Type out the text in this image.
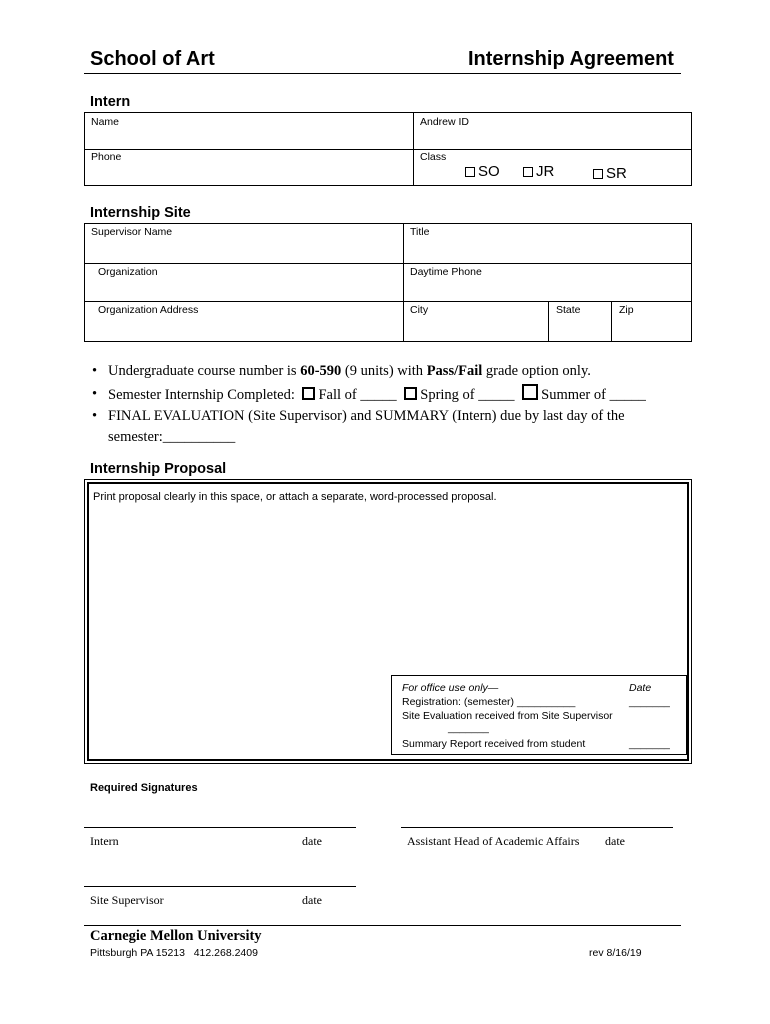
School of Art	Internship Agreement
Intern
Name	Andrew ID
Phone	Class
SO	JR	SR
Internship Site
Supervisor Name	Title
Organization	Daytime Phone
Organization Address	City	State	Zip
• Undergraduate course number is 60-590 (9 units) with Pass/Fail grade option only.
• Semester Internship Completed: Fall of _____ Spring of _____ Summer of _____
• FINAL EVALUATION (Site Supervisor) and SUMMARY (Intern) due by last day of the
semester:__________
Internship Proposal
Print proposal clearly in this space, or attach a separate, word-processed proposal.
For office use only—	Date
Registration: (semester) __________	_______
Site Evaluation received from Site Supervisor
_______
Summary Report received from student	_______
Required Signatures
Intern	date	Assistant Head of Academic Affairs date
Site Supervisor	date
Carnegie Mellon University
Pittsburgh PA 15213   412.268.2409	rev 8/16/19
